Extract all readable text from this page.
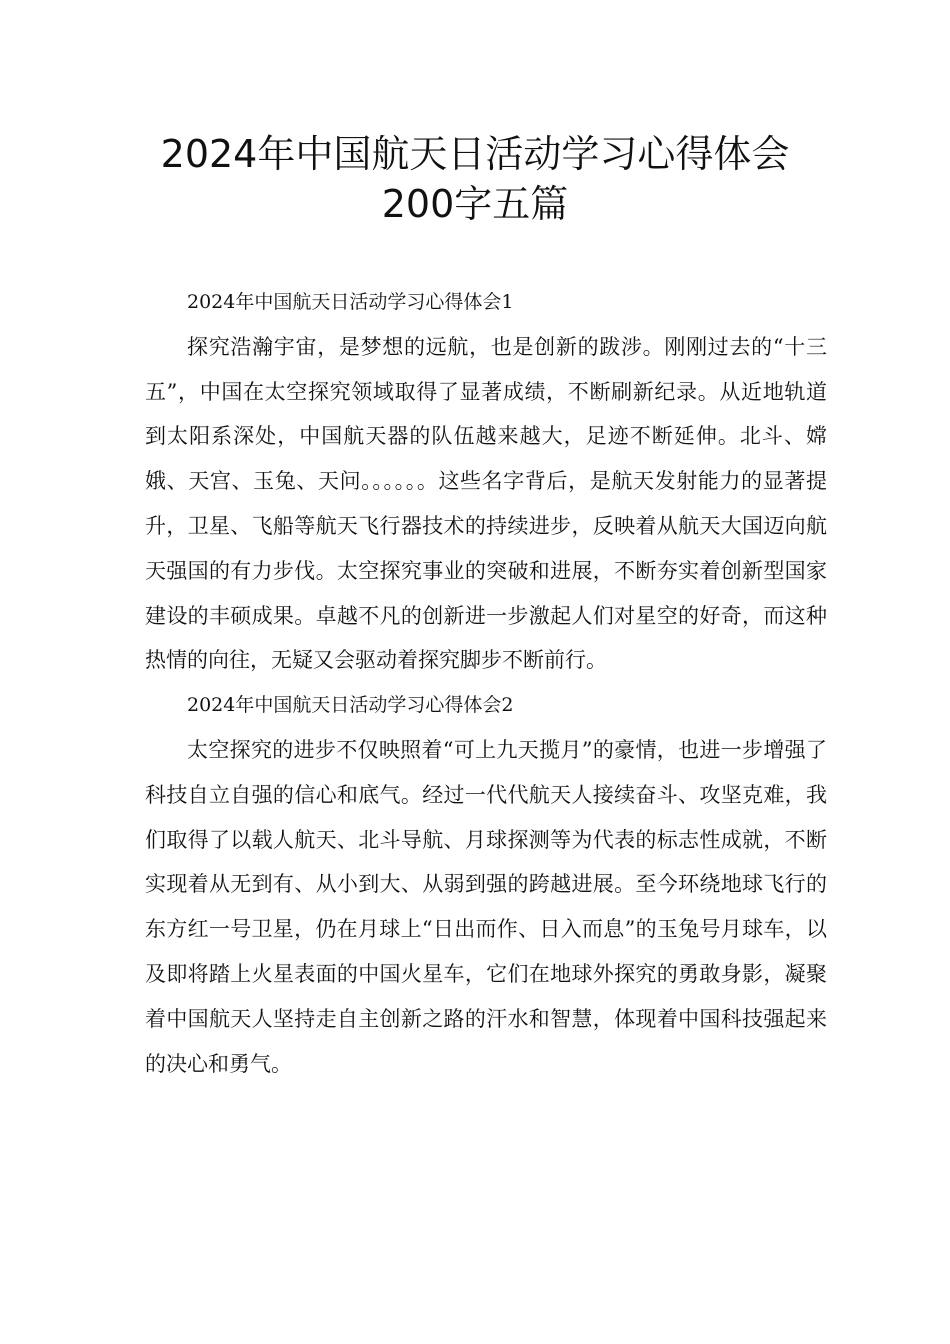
2024年中国航天日活动学习心得体会
200字五篇

2024年中国航天日活动学习心得体会1

探究浩瀚宇宙，是梦想的远航，也是创新的跋涉。刚刚过去的“十三五”，中国在太空探究领域取得了显著成绩，不断刷新纪录。从近地轨道到太阳系深处，中国航天器的队伍越来越大，足迹不断延伸。北斗、嫦娥、天宫、玉兔、天问。。。。。。这些名字背后，是航天发射能力的显著提升，卫星、飞船等航天飞行器技术的持续进步，反映着从航天大国迈向航天强国的有力步伐。太空探究事业的突破和进展，不断夯实着创新型国家建设的丰硕成果。卓越不凡的创新进一步激起人们对星空的好奇，而这种热情的向往，无疑又会驱动着探究脚步不断前行。

2024年中国航天日活动学习心得体会2

太空探究的进步不仅映照着“可上九天揽月”的豪情，也进一步增强了科技自立自强的信心和底气。经过一代代航天人接续奋斗、攻坚克难，我们取得了以载人航天、北斗导航、月球探测等为代表的标志性成就，不断实现着从无到有、从小到大、从弱到强的跨越进展。至今环绕地球飞行的东方红一号卫星，仍在月球上“日出而作、日入而息”的玉兔号月球车，以及即将踏上火星表面的中国火星车，它们在地球外探究的勇敢身影，凝聚着中国航天人坚持走自主创新之路的汗水和智慧，体现着中国科技强起来的决心和勇气。
